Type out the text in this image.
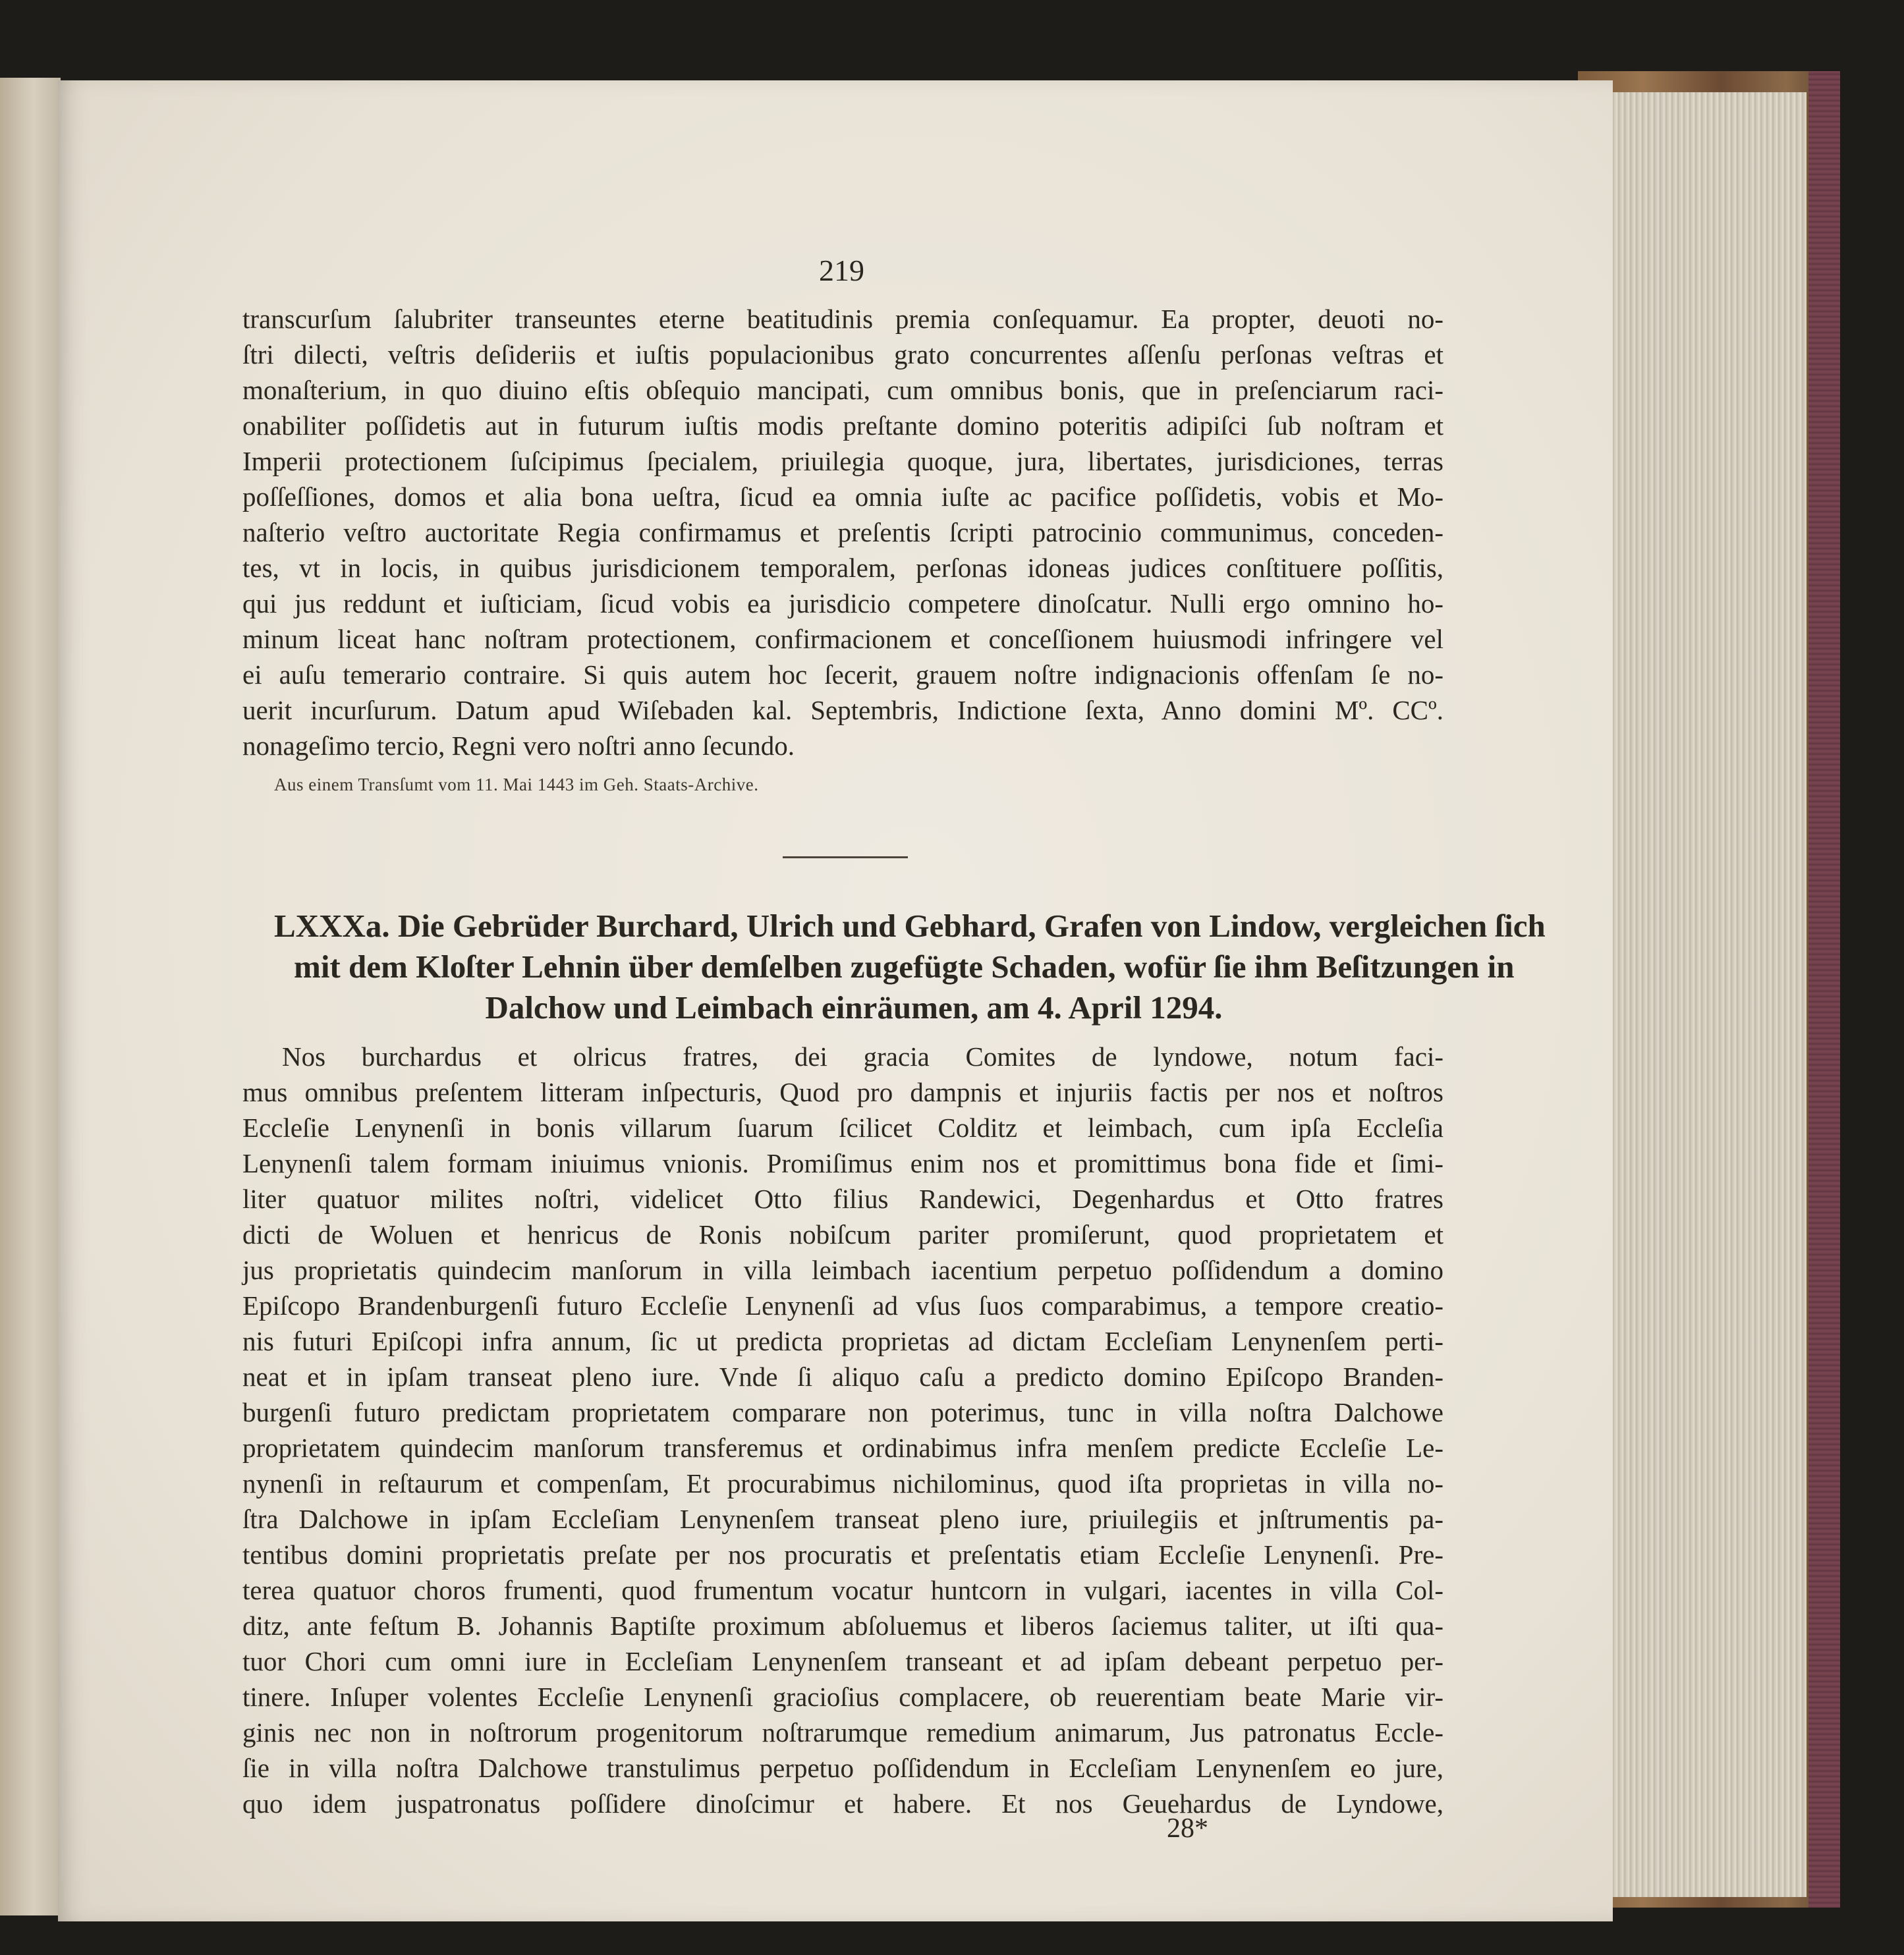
219
transcurſum ſalubriter transeuntes eterne beatitudinis premia conſequamur. Ea propter, deuoti no-
ſtri dilecti, veſtris deſideriis et iuſtis populacionibus grato concurrentes aſſenſu perſonas veſtras et
monaſterium, in quo diuino eſtis obſequio mancipati, cum omnibus bonis, que in preſenciarum raci-
onabiliter poſſidetis aut in futurum iuſtis modis preſtante domino poteritis adipiſci ſub noſtram et
Imperii protectionem ſuſcipimus ſpecialem, priuilegia quoque, jura, libertates, jurisdiciones, terras
poſſeſſiones, domos et alia bona ueſtra, ſicud ea omnia iuſte ac pacifice poſſidetis, vobis et Mo-
naſterio veſtro auctoritate Regia confirmamus et preſentis ſcripti patrocinio communimus, conceden-
tes, vt in locis, in quibus jurisdicionem temporalem, perſonas idoneas judices conſtituere poſſitis,
qui jus reddunt et iuſticiam, ſicud vobis ea jurisdicio competere dinoſcatur. Nulli ergo omnino ho-
minum liceat hanc noſtram protectionem, confirmacionem et conceſſionem huiusmodi infringere vel
ei auſu temerario contraire. Si quis autem hoc ſecerit, grauem noſtre indignacionis offenſam ſe no-
uerit incurſurum. Datum apud Wiſebaden kal. Septembris, Indictione ſexta, Anno domini Mº. CCº.
nonageſimo tercio, Regni vero noſtri anno ſecundo.
Aus einem Transſumt vom 11. Mai 1443 im Geh. Staats-Archive.
LXXXa. Die Gebrüder Burchard, Ulrich und Gebhard, Grafen von Lindow, vergleichen ſich
mit dem Kloſter Lehnin über demſelben zugefügte Schaden, wofür ſie ihm Beſitzungen in
Dalchow und Leimbach einräumen, am 4. April 1294.
Nos burchardus et olricus fratres, dei gracia Comites de lyndowe, notum faci-
mus omnibus preſentem litteram inſpecturis, Quod pro dampnis et injuriis factis per nos et noſtros
Eccleſie Lenynenſi in bonis villarum ſuarum ſcilicet Colditz et leimbach, cum ipſa Eccleſia
Lenynenſi talem formam iniuimus vnionis. Promiſimus enim nos et promittimus bona fide et ſimi-
liter quatuor milites noſtri, videlicet Otto filius Randewici, Degenhardus et Otto fratres
dicti de Woluen et henricus de Ronis nobiſcum pariter promiſerunt, quod proprietatem et
jus proprietatis quindecim manſorum in villa leimbach iacentium perpetuo poſſidendum a domino
Epiſcopo Brandenburgenſi futuro Eccleſie Lenynenſi ad vſus ſuos comparabimus, a tempore creatio-
nis futuri Epiſcopi infra annum, ſic ut predicta proprietas ad dictam Eccleſiam Lenynenſem perti-
neat et in ipſam transeat pleno iure. Vnde ſi aliquo caſu a predicto domino Epiſcopo Branden-
burgenſi futuro predictam proprietatem comparare non poterimus, tunc in villa noſtra Dalchowe
proprietatem quindecim manſorum transferemus et ordinabimus infra menſem predicte Eccleſie Le-
nynenſi in reſtaurum et compenſam, Et procurabimus nichilominus, quod iſta proprietas in villa no-
ſtra Dalchowe in ipſam Eccleſiam Lenynenſem transeat pleno iure, priuilegiis et jnſtrumentis pa-
tentibus domini proprietatis preſate per nos procuratis et preſentatis etiam Eccleſie Lenynenſi. Pre-
terea quatuor choros frumenti, quod frumentum vocatur huntcorn in vulgari, iacentes in villa Col-
ditz, ante feſtum B. Johannis Baptiſte proximum abſoluemus et liberos ſaciemus taliter, ut iſti qua-
tuor Chori cum omni iure in Eccleſiam Lenynenſem transeant et ad ipſam debeant perpetuo per-
tinere. Inſuper volentes Eccleſie Lenynenſi gracioſius complacere, ob reuerentiam beate Marie vir-
ginis nec non in noſtrorum progenitorum noſtrarumque remedium animarum, Jus patronatus Eccle-
ſie in villa noſtra Dalchowe transtulimus perpetuo poſſidendum in Eccleſiam Lenynenſem eo jure,
quo idem juspatronatus poſſidere dinoſcimur et habere. Et nos Geuehardus de Lyndowe,
28*
